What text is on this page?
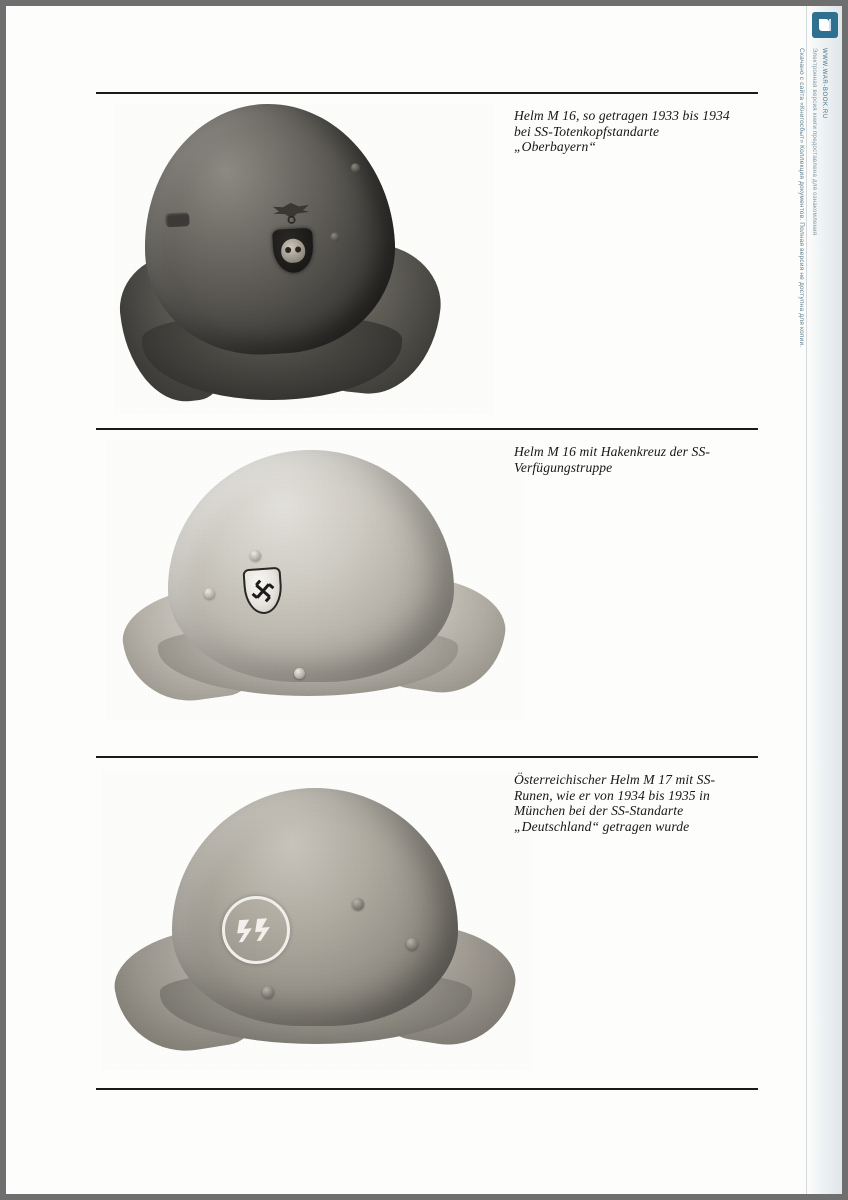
Helm M 16, so getragen 1933 bis 1934 bei SS-Totenkopfstandarte „Oberbayern“
Helm M 16 mit Hakenkreuz der SS-Verfügungstruppe
Österreichischer Helm M 17 mit SS-Runen, wie er von 1934 bis 1935 in München bei der SS-Standarte „Deutschland“ getragen wurde
Скачано с сайта «Книгосбыт» Коллекция документов. Полная версия не доступна для копии. Электронная версия книги предоставлена для ознакомления WWW.WAR-BOOK.RU
